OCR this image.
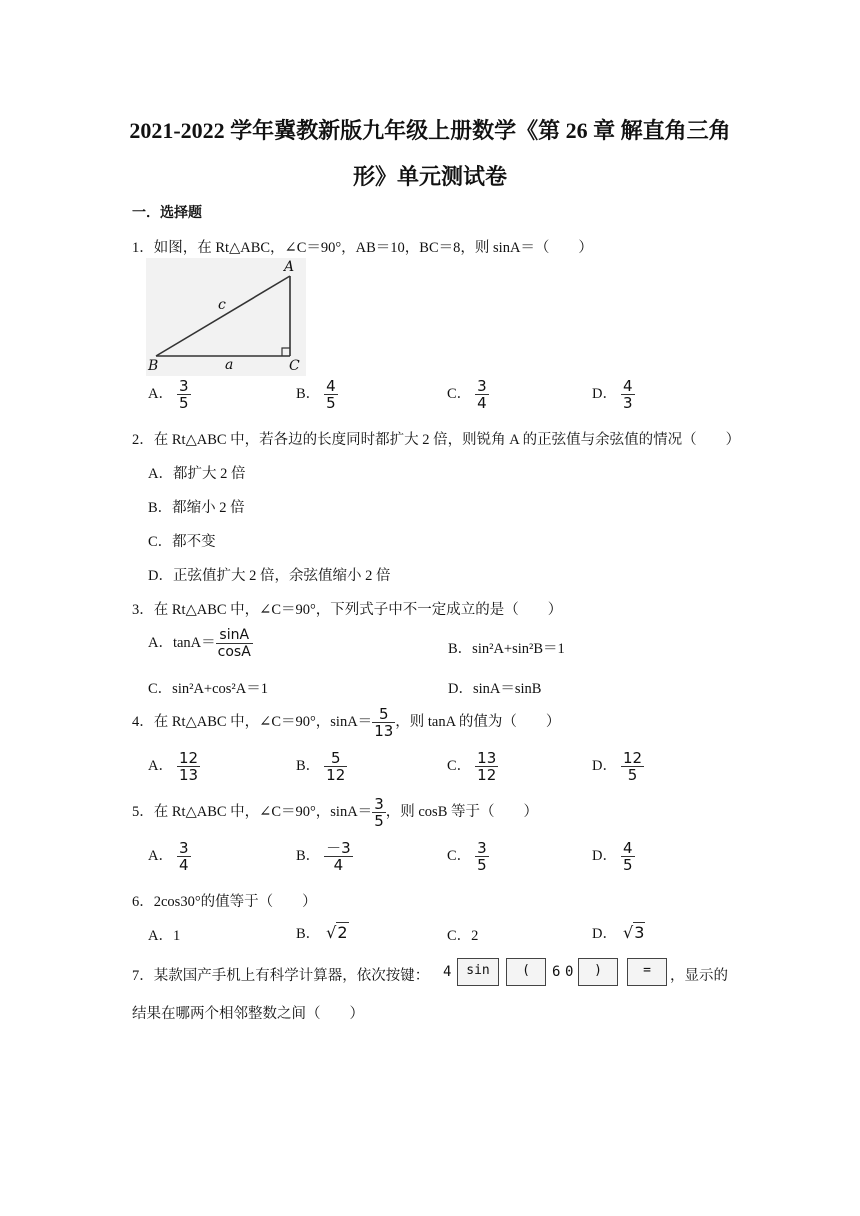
2021-2022 学年冀教新版九年级上册数学《第 26 章 解直角三角
形》单元测试卷
一．选择题
1．如图，在 Rt△ABC，∠C＝90°，AB＝10，BC＝8，则 sinA＝（　　）
A
B	C
c
a
A． $\frac{3}{5}$	B． $\frac{4}{5}$	C． $\frac{3}{4}$	D． $\frac{4}{3}$
2．在 Rt△ABC 中，若各边的长度同时都扩大 2 倍，则锐角 A 的正弦值与余弦值的情况（　　）
A．都扩大 2 倍
B．都缩小 2 倍
C．都不变
D．正弦值扩大 2 倍，余弦值缩小 2 倍
3．在 Rt△ABC 中，∠C＝90°，下列式子中不一定成立的是（　　）
A．$\tan A= \frac{\sin A}{\cos A}$	B．sin²A+sin²B＝1
C．sin²A+cos²A＝1	D．sinA＝sinB
4．在 Rt△ABC 中，∠C＝90°，$\sin A= \frac{5}{13}$ ，则 tanA 的值为（　　）
A． $\frac{12}{13}$	B． $\frac{5}{12}$	C． $\frac{13}{12}$	D． $\frac{12}{5}$
5．在 Rt△ABC 中，∠C＝90°，$\sin A= \frac{3}{5}$ ，则 cosB 等于（　　）
A． $\frac{3}{4}$	B． $\frac{-3}{4}$	C． $\frac{3}{5}$	D． $\frac{4}{5}$
6．2cos30°的值等于（　　）
A．1	B． √2	C．2	D． √3
7．某款国产手机上有科学计算器，依次按键： 4	sin	(	6 0	)	=	，显示的
结果在哪两个相邻整数之间（　　）
